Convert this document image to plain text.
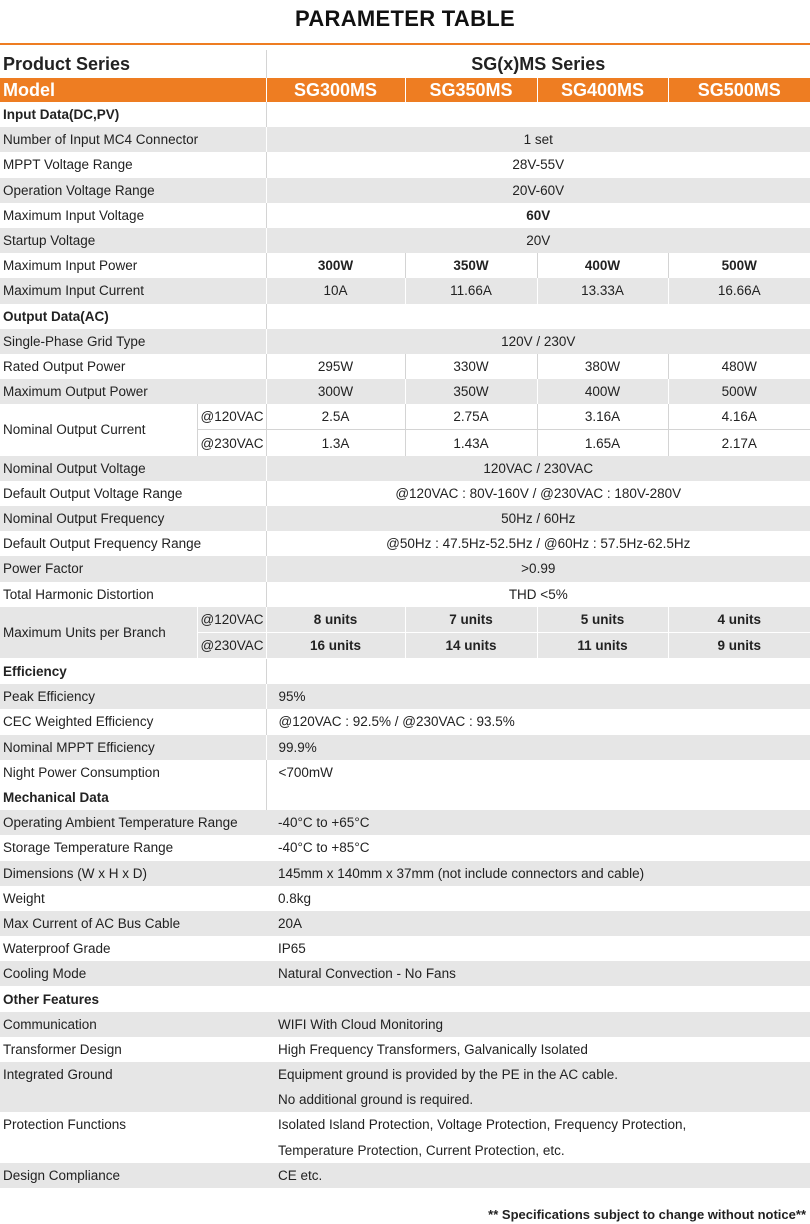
PARAMETER TABLE
Product Series		SG(x)MS Series			
Model		SG300MS	SG350MS	SG400MS	SG500MS
Input Data(DC,PV)					
Number of Input MC4 Connector		1 set			
MPPT Voltage Range		28V-55V			
Operation Voltage Range		20V-60V			
Maximum Input Voltage		60V			
Startup Voltage		20V			
Maximum Input Power		300W	350W	400W	500W
Maximum Input Current		10A	11.66A	13.33A	16.66A
Output Data(AC)					
Single-Phase Grid Type		120V / 230V			
Rated Output Power		295W	330W	380W	480W
Maximum Output Power		300W	350W	400W	500W
Nominal Output Current	@120VAC	2.5A	2.75A	3.16A	4.16A
	@230VAC	1.3A	1.43A	1.65A	2.17A
Nominal Output Voltage		120VAC / 230VAC			
Default Output Voltage Range		@120VAC : 80V-160V / @230VAC : 180V-280V			
Nominal Output Frequency		50Hz / 60Hz			
Default Output Frequency Range		@50Hz : 47.5Hz-52.5Hz / @60Hz : 57.5Hz-62.5Hz			
Power Factor		>0.99			
Total Harmonic Distortion		THD <5%			
Maximum Units per Branch	@120VAC	8 units	7 units	5 units	4 units
	@230VAC	16 units	14 units	11 units	9 units
Efficiency	
Peak Efficiency	95%
CEC Weighted Efficiency	@120VAC : 92.5% / @230VAC : 93.5%
Nominal MPPT Efficiency	99.9%
Night Power Consumption	<700mW
Mechanical Data	
Operating Ambient Temperature Range	-40°C to +65°C
Storage Temperature Range	-40°C to +85°C
Dimensions (W x H x D)	145mm x 140mm x 37mm (not include connectors and cable)
Weight	0.8kg
Max Current of AC Bus Cable	20A
Waterproof Grade	IP65
Cooling Mode	Natural Convection - No Fans
Other Features	
Communication	WIFI With Cloud Monitoring
Transformer Design	High Frequency Transformers, Galvanically Isolated
Integrated Ground	Equipment ground is provided by the PE in the AC cable.
	No additional ground is required.
Protection Functions	Isolated Island Protection, Voltage Protection, Frequency Protection,
	Temperature Protection, Current Protection, etc.
Design Compliance	CE etc.
** Specifications subject to change without notice**
